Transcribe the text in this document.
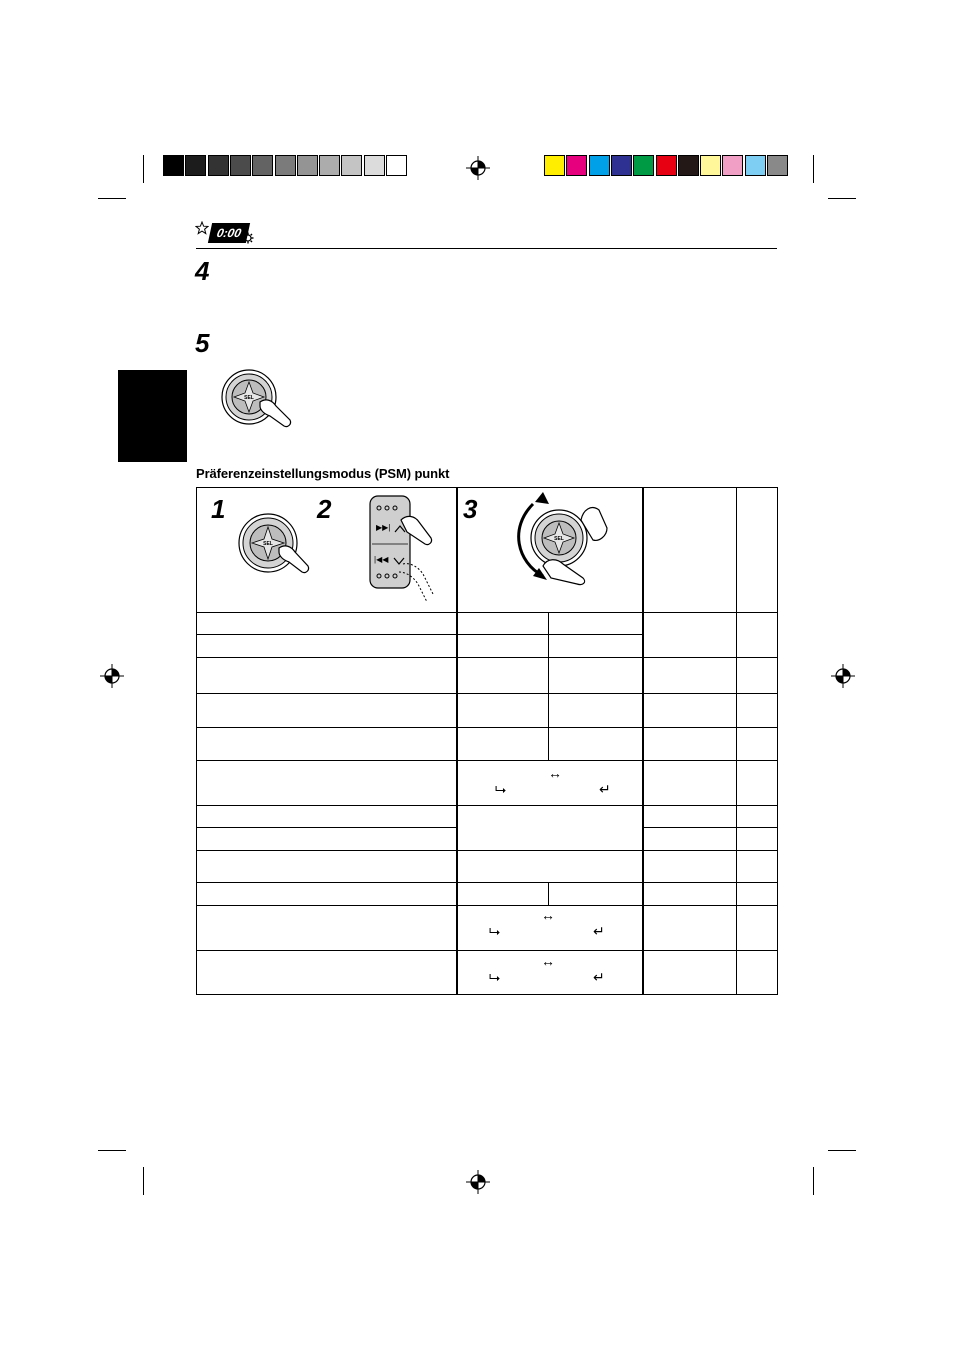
0:00
4
5
SEL
Präferenzeinstellungsmodus (PSM) punkt
1	2	3
SEL
▶▶|
|◀◀
SEL
↔
⮡	↵
↔
⮡	↵
↔
⮡	↵
